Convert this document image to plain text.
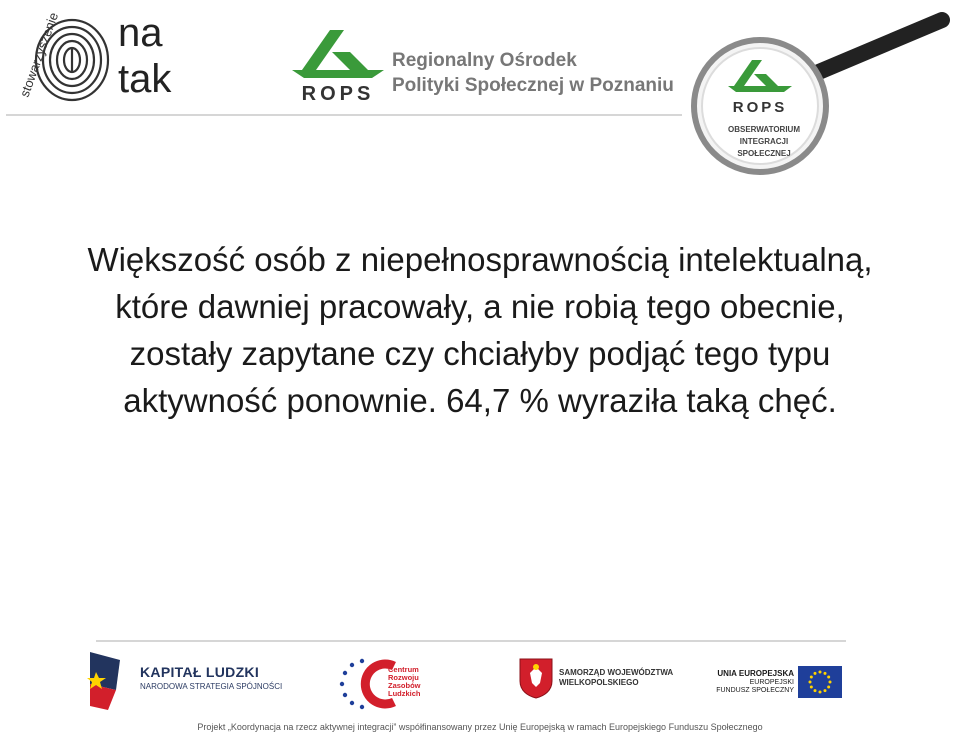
stowarzyszenie na
tak	ROPS
Regionalny Ośrodek
Polityki Społecznej w Poznaniu
ROPS
OBSERWATORIUM
INTEGRACJI
SPOŁECZNEJ
Większość osób z niepełnosprawnością intelektualną,
które dawniej pracowały, a nie robią tego obecnie,
zostały zapytane czy chciałyby podjąć tego typu
aktywność ponownie. 64,7 % wyraziła taką chęć.
KAPITAŁ LUDZKI
NARODOWA STRATEGIA SPÓJNOŚCI
Centrum
Rozwoju
Zasobów
Ludzkich
SAMORZĄD WOJEWÓDZTWA
WIELKOPOLSKIEGO
UNIA EUROPEJSKA
EUROPEJSKI
FUNDUSZ SPOŁECZNY
Projekt „Koordynacja na rzecz aktywnej integracji” współfinansowany przez Unię Europejską w ramach Europejskiego Funduszu Społecznego
